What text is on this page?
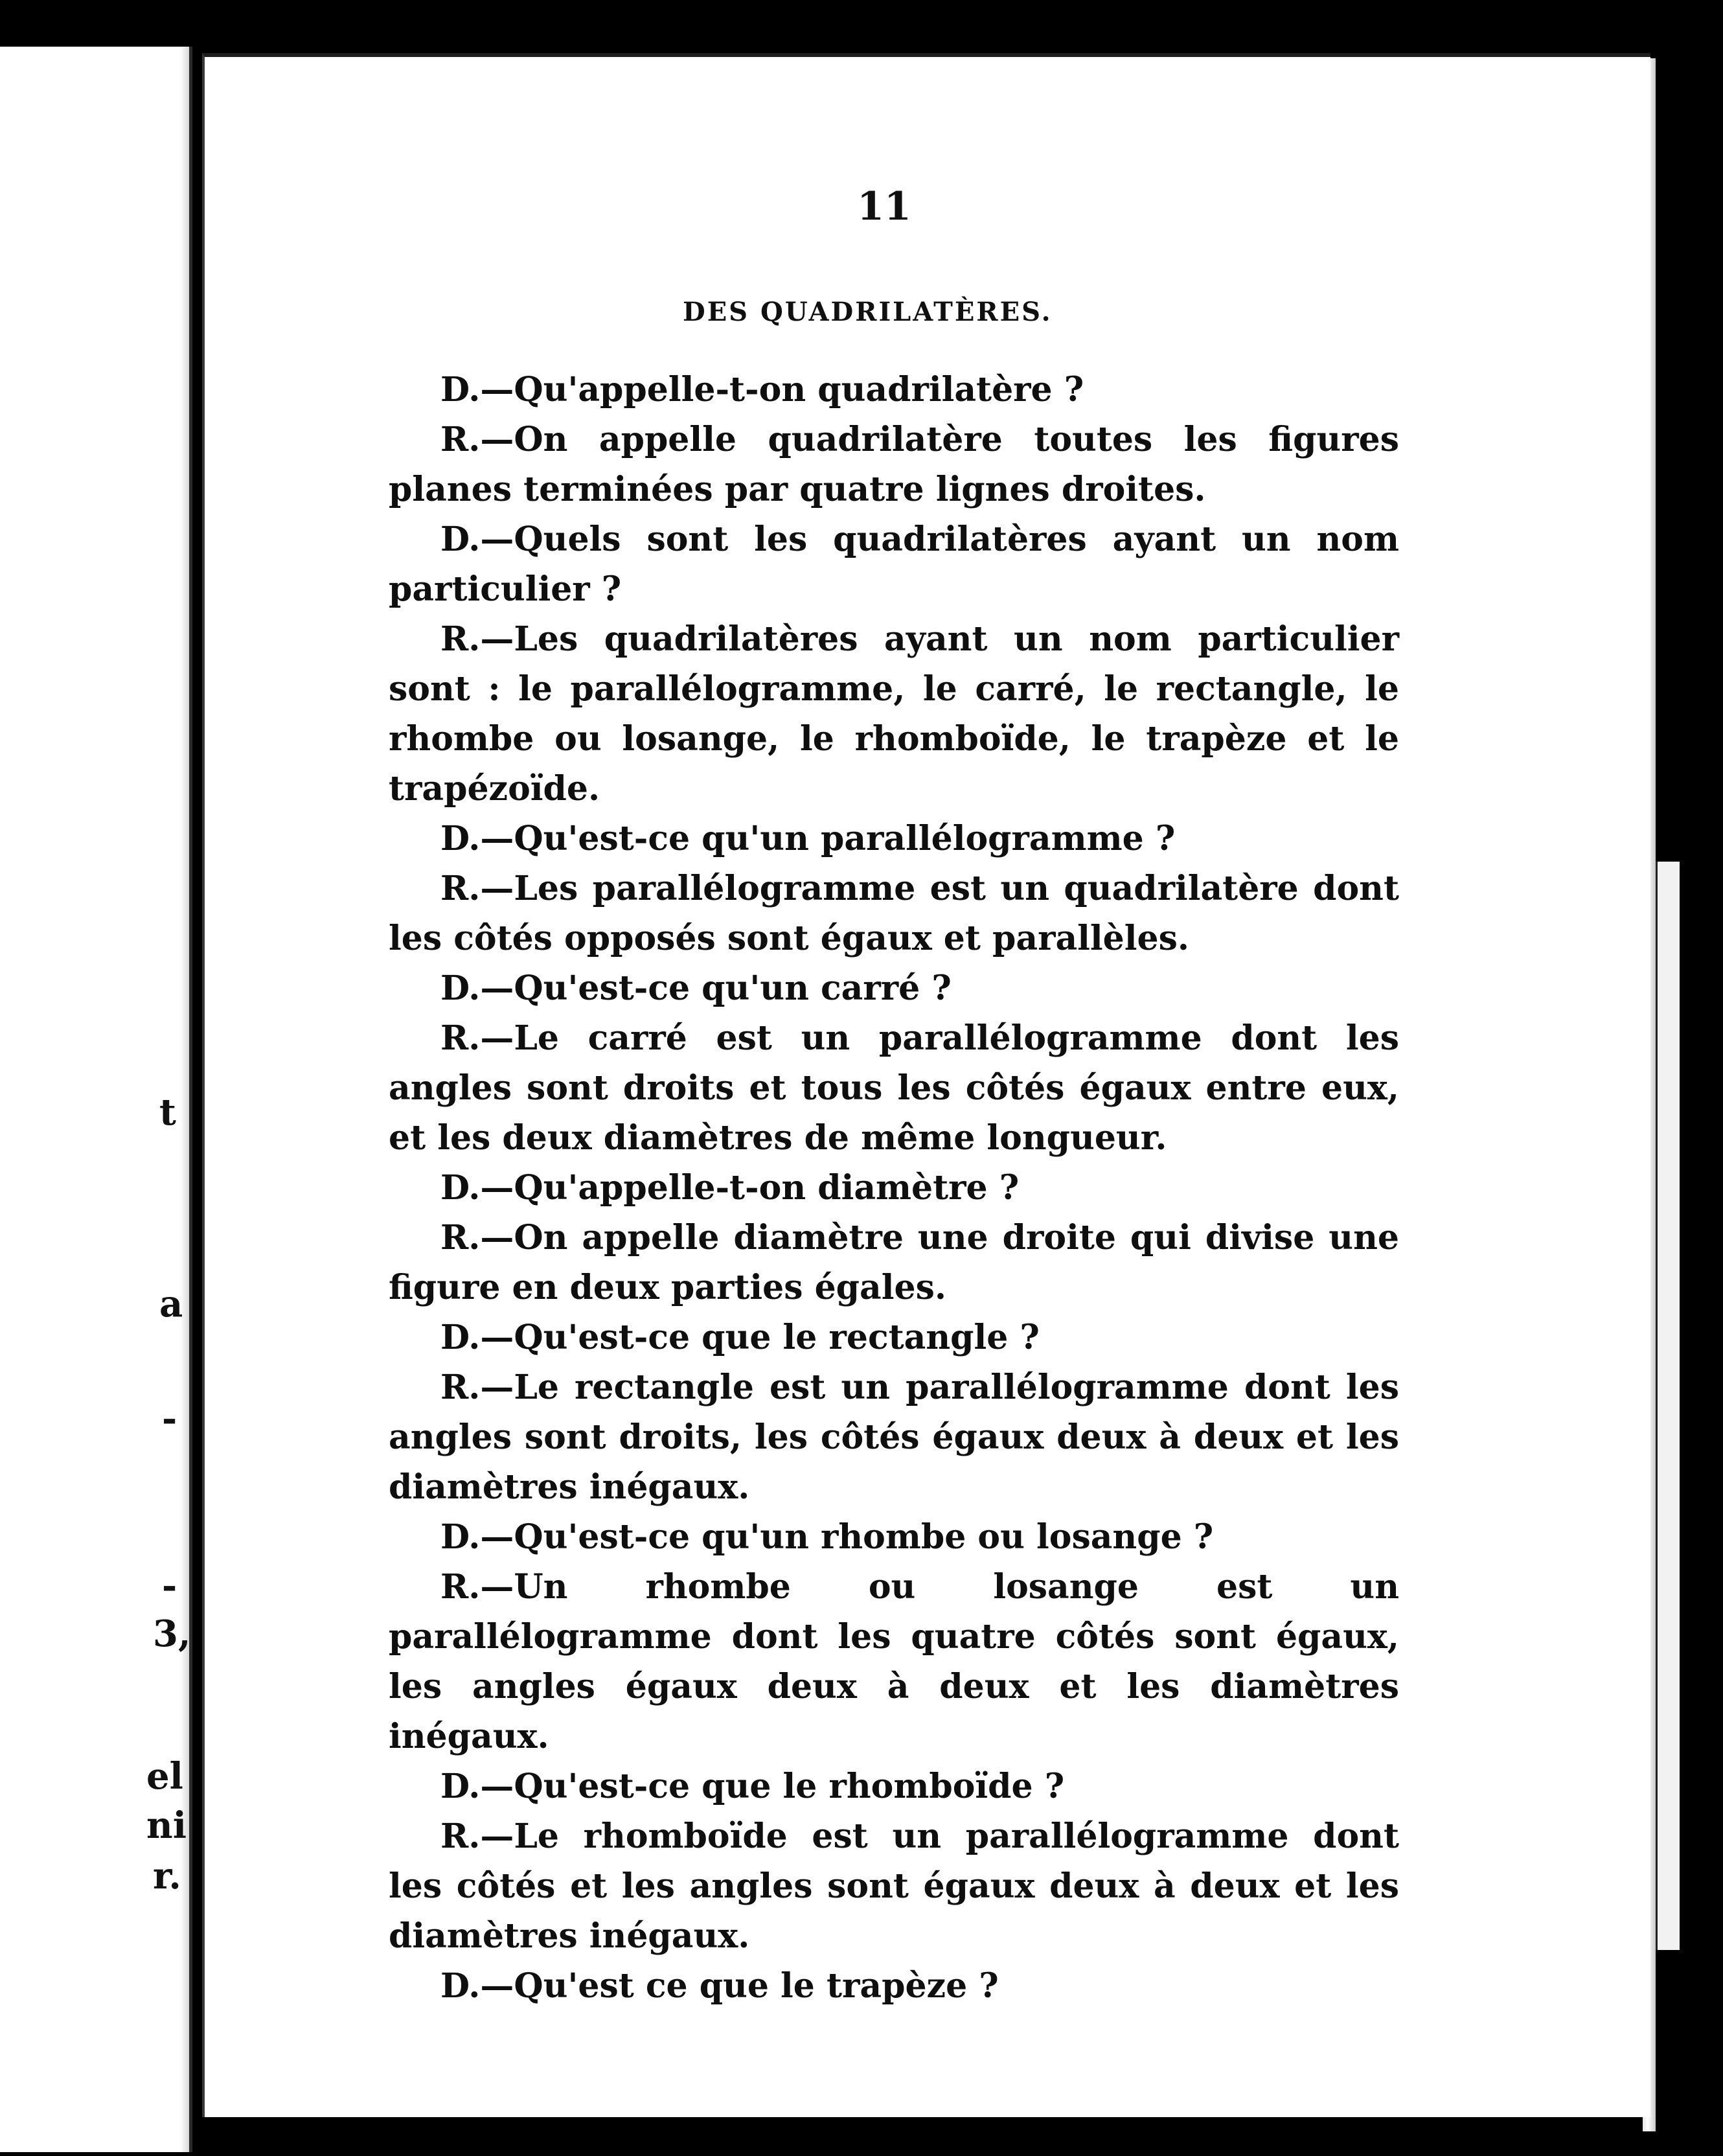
t
a
-
-
3,
el
ni
r.
11
DES QUADRILATÈRES.

D.—Qu'appelle-t-on quadrilatère ?

R.—On appelle quadrilatère toutes les figures planes terminées par quatre lignes droites.

D.—Quels sont les quadrilatères ayant un nom particulier ?

R.—Les quadrilatères ayant un nom particulier sont : le parallélogramme, le carré, le rectangle, le rhombe ou losange, le rhomboïde, le trapèze et le trapézoïde.

D.—Qu'est-ce qu'un parallélogramme ?

R.—Les parallélogramme est un quadrilatère dont les côtés opposés sont égaux et parallèles.

D.—Qu'est-ce qu'un carré ?

R.—Le carré est un parallélogramme dont les angles sont droits et tous les côtés égaux entre eux, et les deux diamètres de même longueur.

D.—Qu'appelle-t-on diamètre ?

R.—On appelle diamètre une droite qui divise une figure en deux parties égales.

D.—Qu'est-ce que le rectangle ?

R.—Le rectangle est un parallélogramme dont les angles sont droits, les côtés égaux deux à deux et les diamètres inégaux.

D.—Qu'est-ce qu'un rhombe ou losange ?

R.—Un rhombe ou losange est un parallélogramme dont les quatre côtés sont égaux, les angles égaux deux à deux et les diamètres inégaux.

D.—Qu'est-ce que le rhomboïde ?

R.—Le rhomboïde est un parallélogramme dont les côtés et les angles sont égaux deux à deux et les diamètres inégaux.

D.—Qu'est ce que le trapèze ?
